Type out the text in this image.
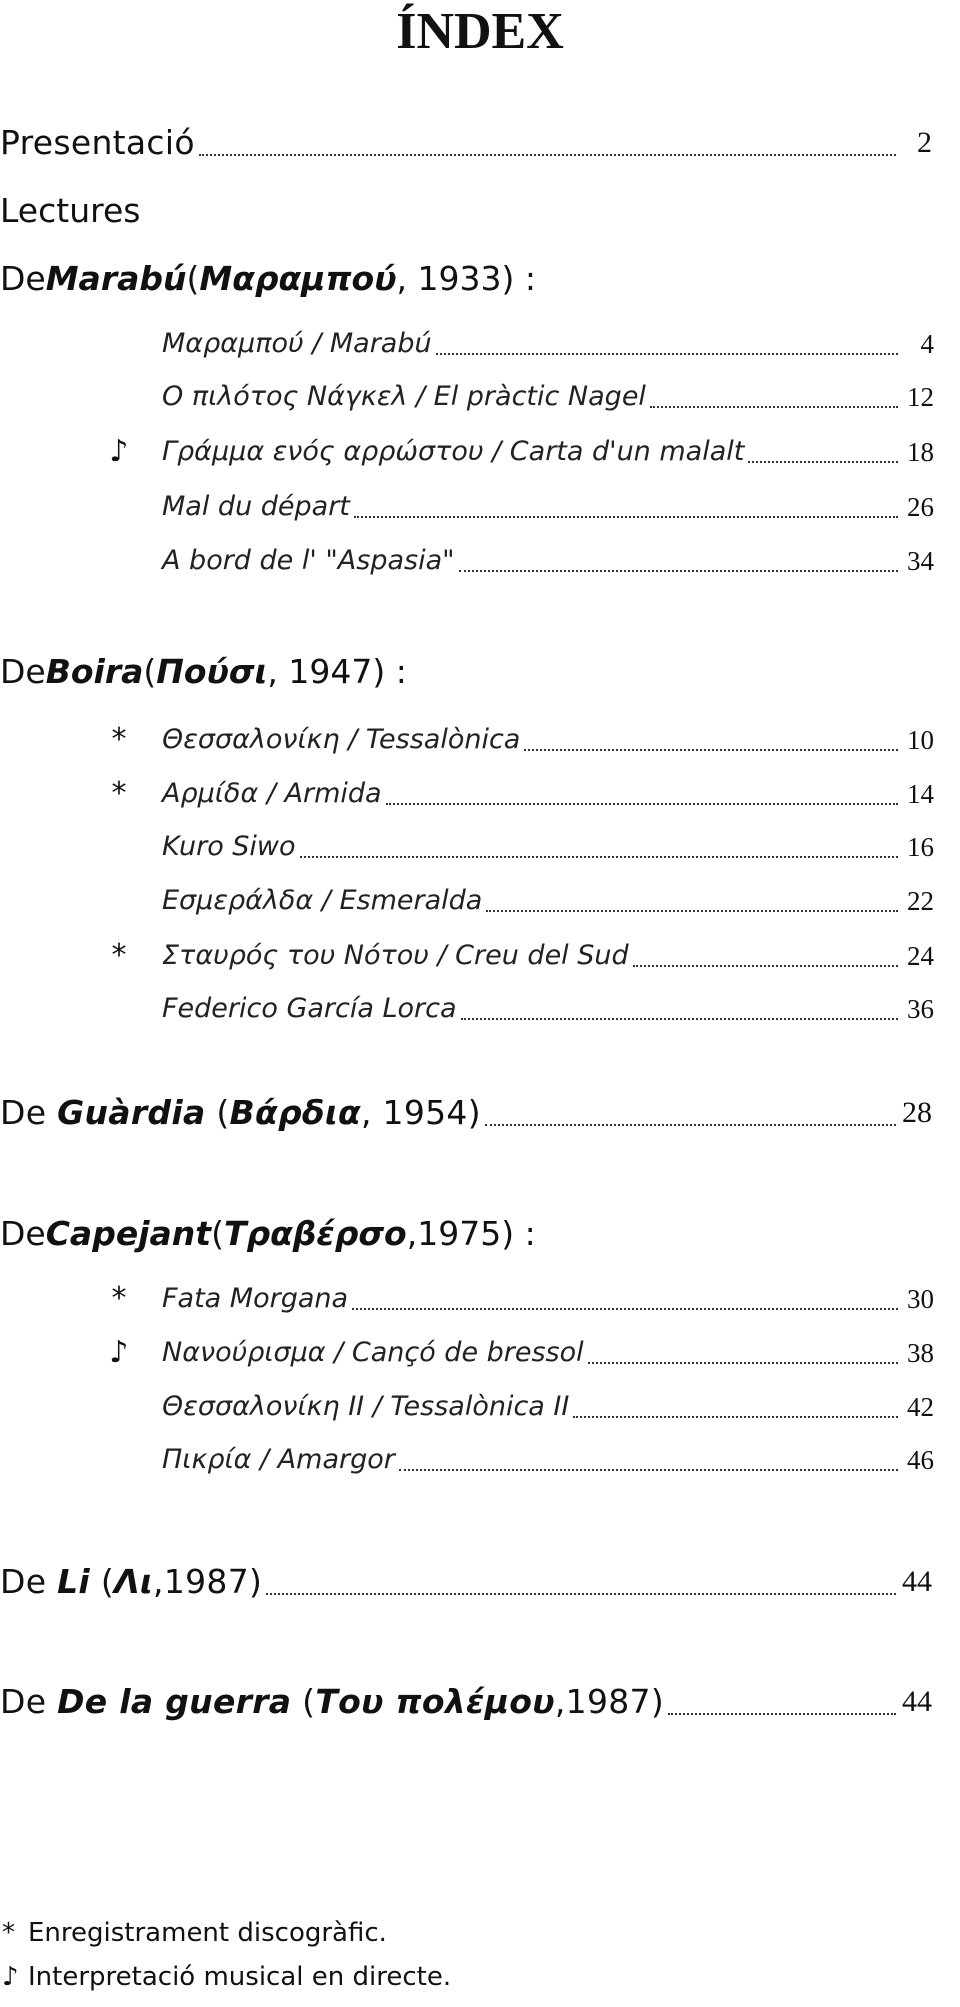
ÍNDEX
Presentació	2
Lectures
De Marabú ( Μαραμπού , 1933) :
Μαραμπού / Marabú	4
Ο πιλότος Νάγκελ / El pràctic Nagel	12
♪ Γράμμα ενός αρρώστου / Carta d'un malalt	18
Mal du départ	26
A bord de l' "Aspasia"	34
De Boira ( Πούσι , 1947) :
* Θεσσαλονίκη / Tessalònica	10
* Αρμίδα / Armida	14
Kuro Siwo	16
Εσμεράλδα / Esmeralda	22
* Σταυρός του Νότου / Creu del Sud	24
Federico García Lorca	36
De Guàrdia (Βάρδια, 1954)	28
De Capejant ( Τραβέρσο ,1975) :
* Fata Morgana	30
♪ Νανούρισμα / Cançó de bressol	38
Θεσσαλονίκη II / Tessalònica II	42
Πικρία / Amargor	46
De Li (Λι,1987)	44
De De la guerra (Του πολέμου,1987)	44
* Enregistrament discogràfic.
♪ Interpretació musical en directe.
